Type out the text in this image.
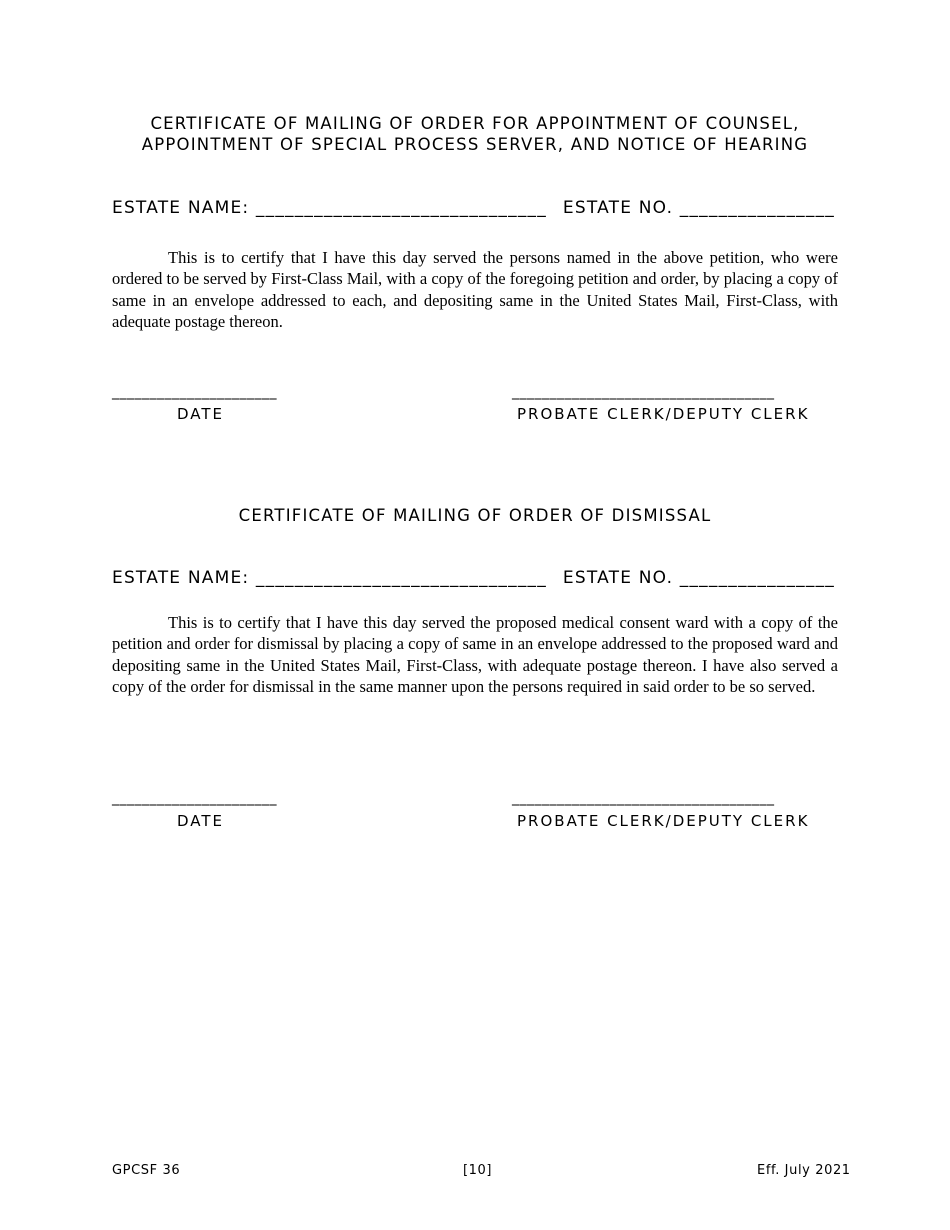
CERTIFICATE OF MAILING OF ORDER FOR APPOINTMENT OF COUNSEL,
APPOINTMENT OF SPECIAL PROCESS SERVER, AND NOTICE OF HEARING
ESTATE NAME: ______________________________ ESTATE NO. ________________

This is to certify that I have this day served the persons named in the above petition, who were ordered to be served by First-Class Mail, with a copy of the foregoing petition and order, by placing a copy of same in an envelope addressed to each, and depositing same in the United States Mail, First-Class, with adequate postage thereon.

______________________
DATE
___________________________________
PROBATE CLERK/DEPUTY CLERK
CERTIFICATE OF MAILING OF ORDER OF DISMISSAL
ESTATE NAME: ______________________________ ESTATE NO. ________________

This is to certify that I have this day served the proposed medical consent ward with a copy of the petition and order for dismissal by placing a copy of same in an envelope addressed to the proposed ward and depositing same in the United States Mail, First-Class, with adequate postage thereon. I have also served a copy of the order for dismissal in the same manner upon the persons required in said order to be so served.

______________________
DATE
___________________________________
PROBATE CLERK/DEPUTY CLERK
GPCSF 36	[10]	Eff. July 2021
